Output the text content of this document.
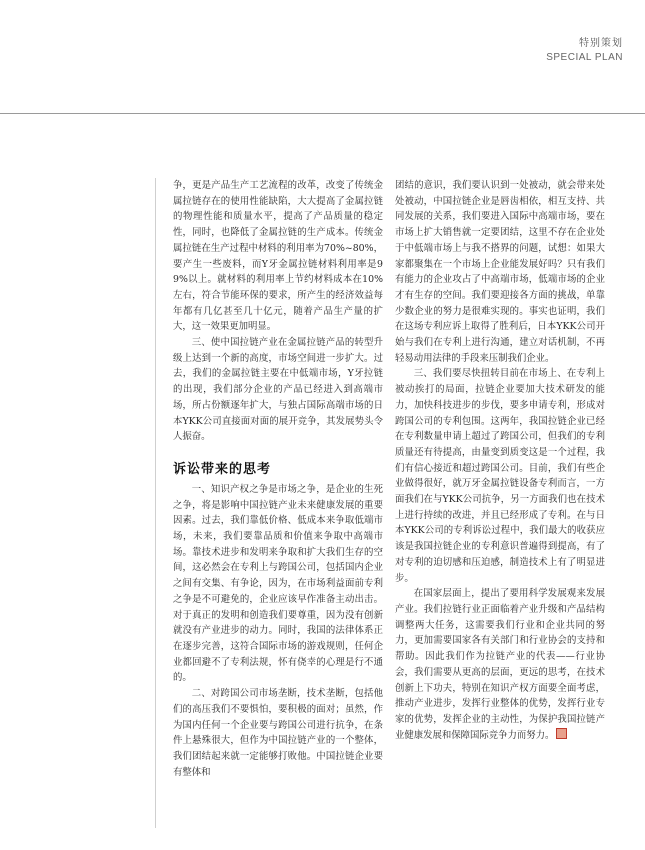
特别策划
SPECIAL PLAN

争，更是产品生产工艺流程的改革，改变了传统金属拉链存在的使用性能缺陷，大大提高了金属拉链的物理性能和质量水平，提高了产品质量的稳定性，同时，也降低了金属拉链的生产成本。传统金属拉链在生产过程中材料的利用率为70%~80%，要产生一些废料，而Y牙金属拉链材料利用率是99%以上。就材料的利用率上节约材料成本在10%左右，符合节能环保的要求，所产生的经济效益每年都有几亿甚至几十亿元，随着产品生产量的扩大，这一效果更加明显。

三、使中国拉链产业在金属拉链产品的转型升级上达到一个新的高度，市场空间进一步扩大。过去，我们的金属拉链主要在中低端市场，Y牙拉链的出现，我们部分企业的产品已经进入到高端市场，所占份额逐年扩大，与独占国际高端市场的日本YKK公司直接面对面的展开竞争，其发展势头令人振奋。

诉讼带来的思考

一、知识产权之争是市场之争，是企业的生死之争，将是影响中国拉链产业未来健康发展的重要因素。过去，我们靠低价格、低成本来争取低端市场，未来，我们要靠品质和价值来争取中高端市场。靠技术进步和发明来争取和扩大我们生存的空间，这必然会在专利上与跨国公司，包括国内企业之间有交集、有争论，因为，在市场利益面前专利之争是不可避免的，企业应该早作准备主动出击。对于真正的发明和创造我们要尊重，因为没有创新就没有产业进步的动力。同时，我国的法律体系正在逐步完善，这符合国际市场的游戏规则，任何企业都回避不了专利法规，怀有侥幸的心理是行不通的。

二、对跨国公司市场垄断，技术垄断，包括他们的高压我们不要惧怕，要积极的面对；虽然，作为国内任何一个企业要与跨国公司进行抗争，在条件上悬殊很大，但作为中国拉链产业的一个整体，我们团结起来就一定能够打败他。中国拉链企业要有整体和

团结的意识，我们要认识到一处被动，就会带来处处被动，中国拉链企业是唇齿相依，相互支持、共同发展的关系，我们要进入国际中高端市场，要在市场上扩大销售就一定要团结，这里不存在企业处于中低端市场上与我不搭界的问题，试想：如果大家都聚集在一个市场上企业能发展好吗？只有我们有能力的企业攻占了中高端市场，低端市场的企业才有生存的空间。我们要迎接各方面的挑战，单靠少数企业的努力是很难实现的。事实也证明，我们在这场专利应诉上取得了胜利后，日本YKK公司开始与我们在专利上进行沟通，建立对话机制，不再轻易动用法律的手段来压制我们企业。

三、我们要尽快扭转目前在市场上、在专利上被动挨打的局面，拉链企业要加大技术研发的能力，加快科技进步的步伐，要多申请专利，形成对跨国公司的专利包围。这两年，我国拉链企业已经在专利数量申请上超过了跨国公司，但我们的专利质量还有待提高，由量变到质变这是一个过程，我们有信心接近和超过跨国公司。目前，我们有些企业做得很好，就万牙金属拉链设备专利而言，一方面我们在与YKK公司抗争，另一方面我们也在技术上进行持续的改进，并且已经形成了专利。在与日本YKK公司的专利诉讼过程中，我们最大的收获应该是我国拉链企业的专利意识普遍得到提高，有了对专利的迫切感和压迫感，制造技术上有了明显进步。

在国家层面上，提出了要用科学发展观来发展产业。我们拉链行业正面临着产业升级和产品结构调整两大任务，这需要我们行业和企业共同的努力，更加需要国家各有关部门和行业协会的支持和帮助。因此我们作为拉链产业的代表——行业协会，我们需要从更高的层面，更远的思考，在技术创新上下功夫，特别在知识产权方面要全面考虑，推动产业进步，发挥行业整体的优势，发挥行业专家的优势，发挥企业的主动性，为保护我国拉链产业健康发展和保障国际竞争力而努力。
